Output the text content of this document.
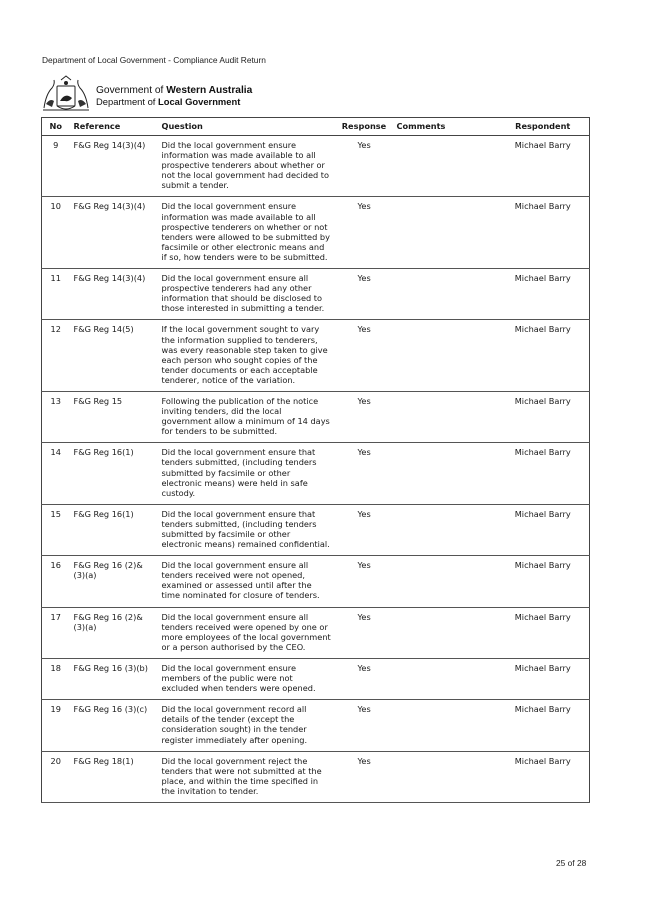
Department of Local Government - Compliance Audit Return
Government of Western Australia
Department of Local Government
No	Reference	Question	Response	Comments	Respondent
9	F&G Reg 14(3)(4)	Did the local government ensure information was made available to all prospective tenderers about whether or not the local government had decided to submit a tender.	Yes		Michael Barry
10	F&G Reg 14(3)(4)	Did the local government ensure information was made available to all prospective tenderers on whether or not tenders were allowed to be submitted by facsimile or other electronic means and if so, how tenders were to be submitted.	Yes		Michael Barry
11	F&G Reg 14(3)(4)	Did the local government ensure all prospective tenderers had any other information that should be disclosed to those interested in submitting a tender.	Yes		Michael Barry
12	F&G Reg 14(5)	If the local government sought to vary the information supplied to tenderers, was every reasonable step taken to give each person who sought copies of the tender documents or each acceptable tenderer, notice of the variation.	Yes		Michael Barry
13	F&G Reg 15	Following the publication of the notice inviting tenders, did the local government allow a minimum of 14 days for tenders to be submitted.	Yes		Michael Barry
14	F&G Reg 16(1)	Did the local government ensure that tenders submitted, (including tenders submitted by facsimile or other electronic means) were held in safe custody.	Yes		Michael Barry
15	F&G Reg 16(1)	Did the local government ensure that tenders submitted, (including tenders submitted by facsimile or other electronic means) remained confidential.	Yes		Michael Barry
16	F&G Reg 16 (2)& (3)(a)	Did the local government ensure all tenders received were not opened, examined or assessed until after the time nominated for closure of tenders.	Yes		Michael Barry
17	F&G Reg 16 (2)& (3)(a)	Did the local government ensure all tenders received were opened by one or more employees of the local government or a person authorised by the CEO.	Yes		Michael Barry
18	F&G Reg 16 (3)(b)	Did the local government ensure members of the public were not excluded when tenders were opened.	Yes		Michael Barry
19	F&G Reg 16 (3)(c)	Did the local government record all details of the tender (except the consideration sought) in the tender register immediately after opening.	Yes		Michael Barry
20	F&G Reg 18(1)	Did the local government reject the tenders that were not submitted at the place, and within the time specified in the invitation to tender.	Yes		Michael Barry
25 of 28
